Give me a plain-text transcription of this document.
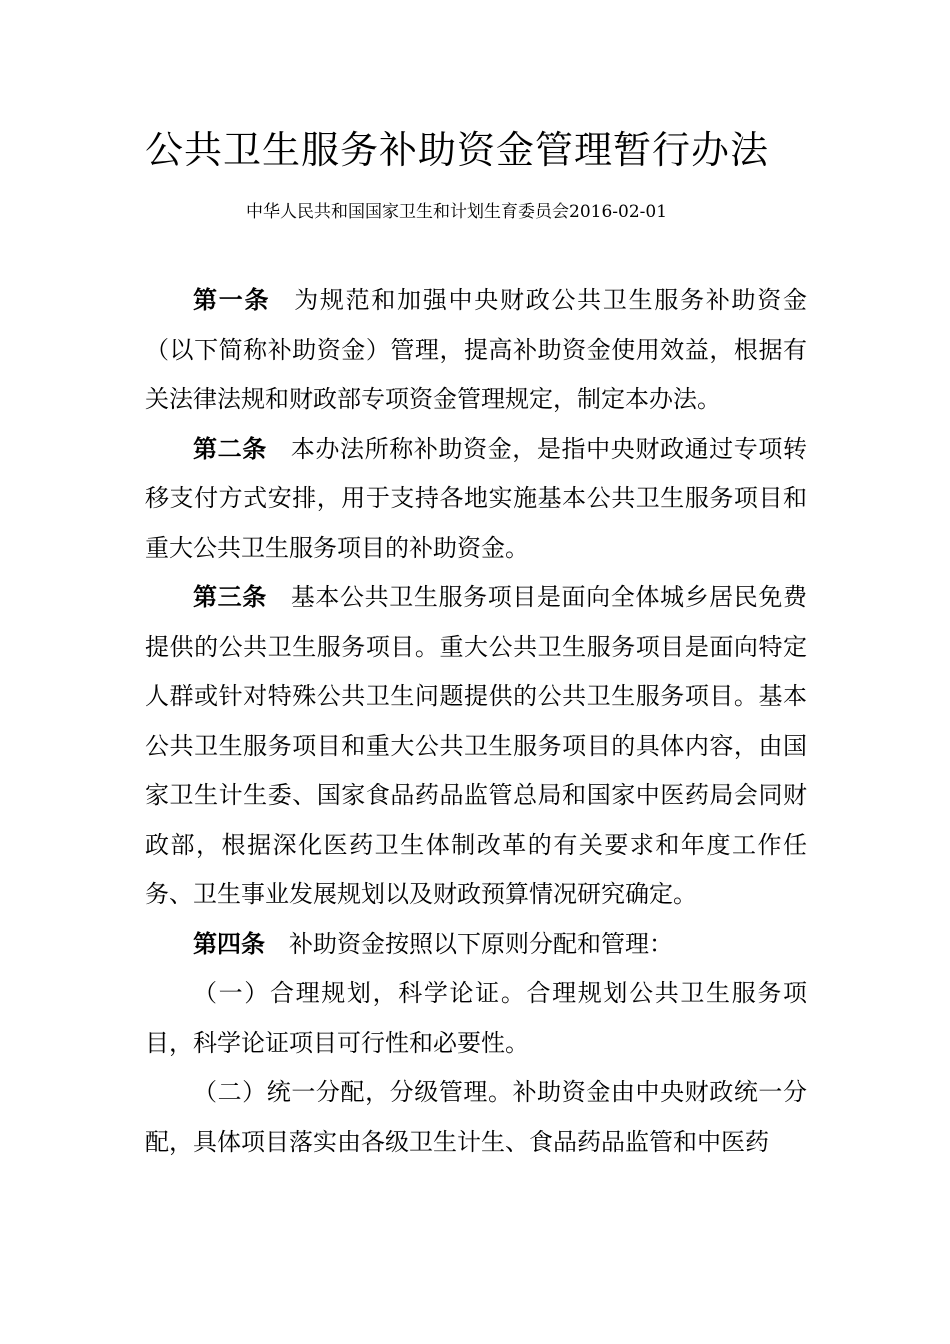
公共卫生服务补助资金管理暂行办法
中华人民共和国国家卫生和计划生育委员会2016-02-01

第一条 为规范和加强中央财政公共卫生服务补助资金（以下简称补助资金）管理，提高补助资金使用效益，根据有关法律法规和财政部专项资金管理规定，制定本办法。

第二条 本办法所称补助资金，是指中央财政通过专项转移支付方式安排，用于支持各地实施基本公共卫生服务项目和重大公共卫生服务项目的补助资金。

第三条 基本公共卫生服务项目是面向全体城乡居民免费提供的公共卫生服务项目。重大公共卫生服务项目是面向特定人群或针对特殊公共卫生问题提供的公共卫生服务项目。基本公共卫生服务项目和重大公共卫生服务项目的具体内容，由国家卫生计生委、国家食品药品监管总局和国家中医药局会同财政部，根据深化医药卫生体制改革的有关要求和年度工作任务、卫生事业发展规划以及财政预算情况研究确定。

第四条 补助资金按照以下原则分配和管理：

（一）合理规划，科学论证。合理规划公共卫生服务项目，科学论证项目可行性和必要性。

（二）统一分配，分级管理。补助资金由中央财政统一分配，具体项目落实由各级卫生计生、食品药品监管和中医药
